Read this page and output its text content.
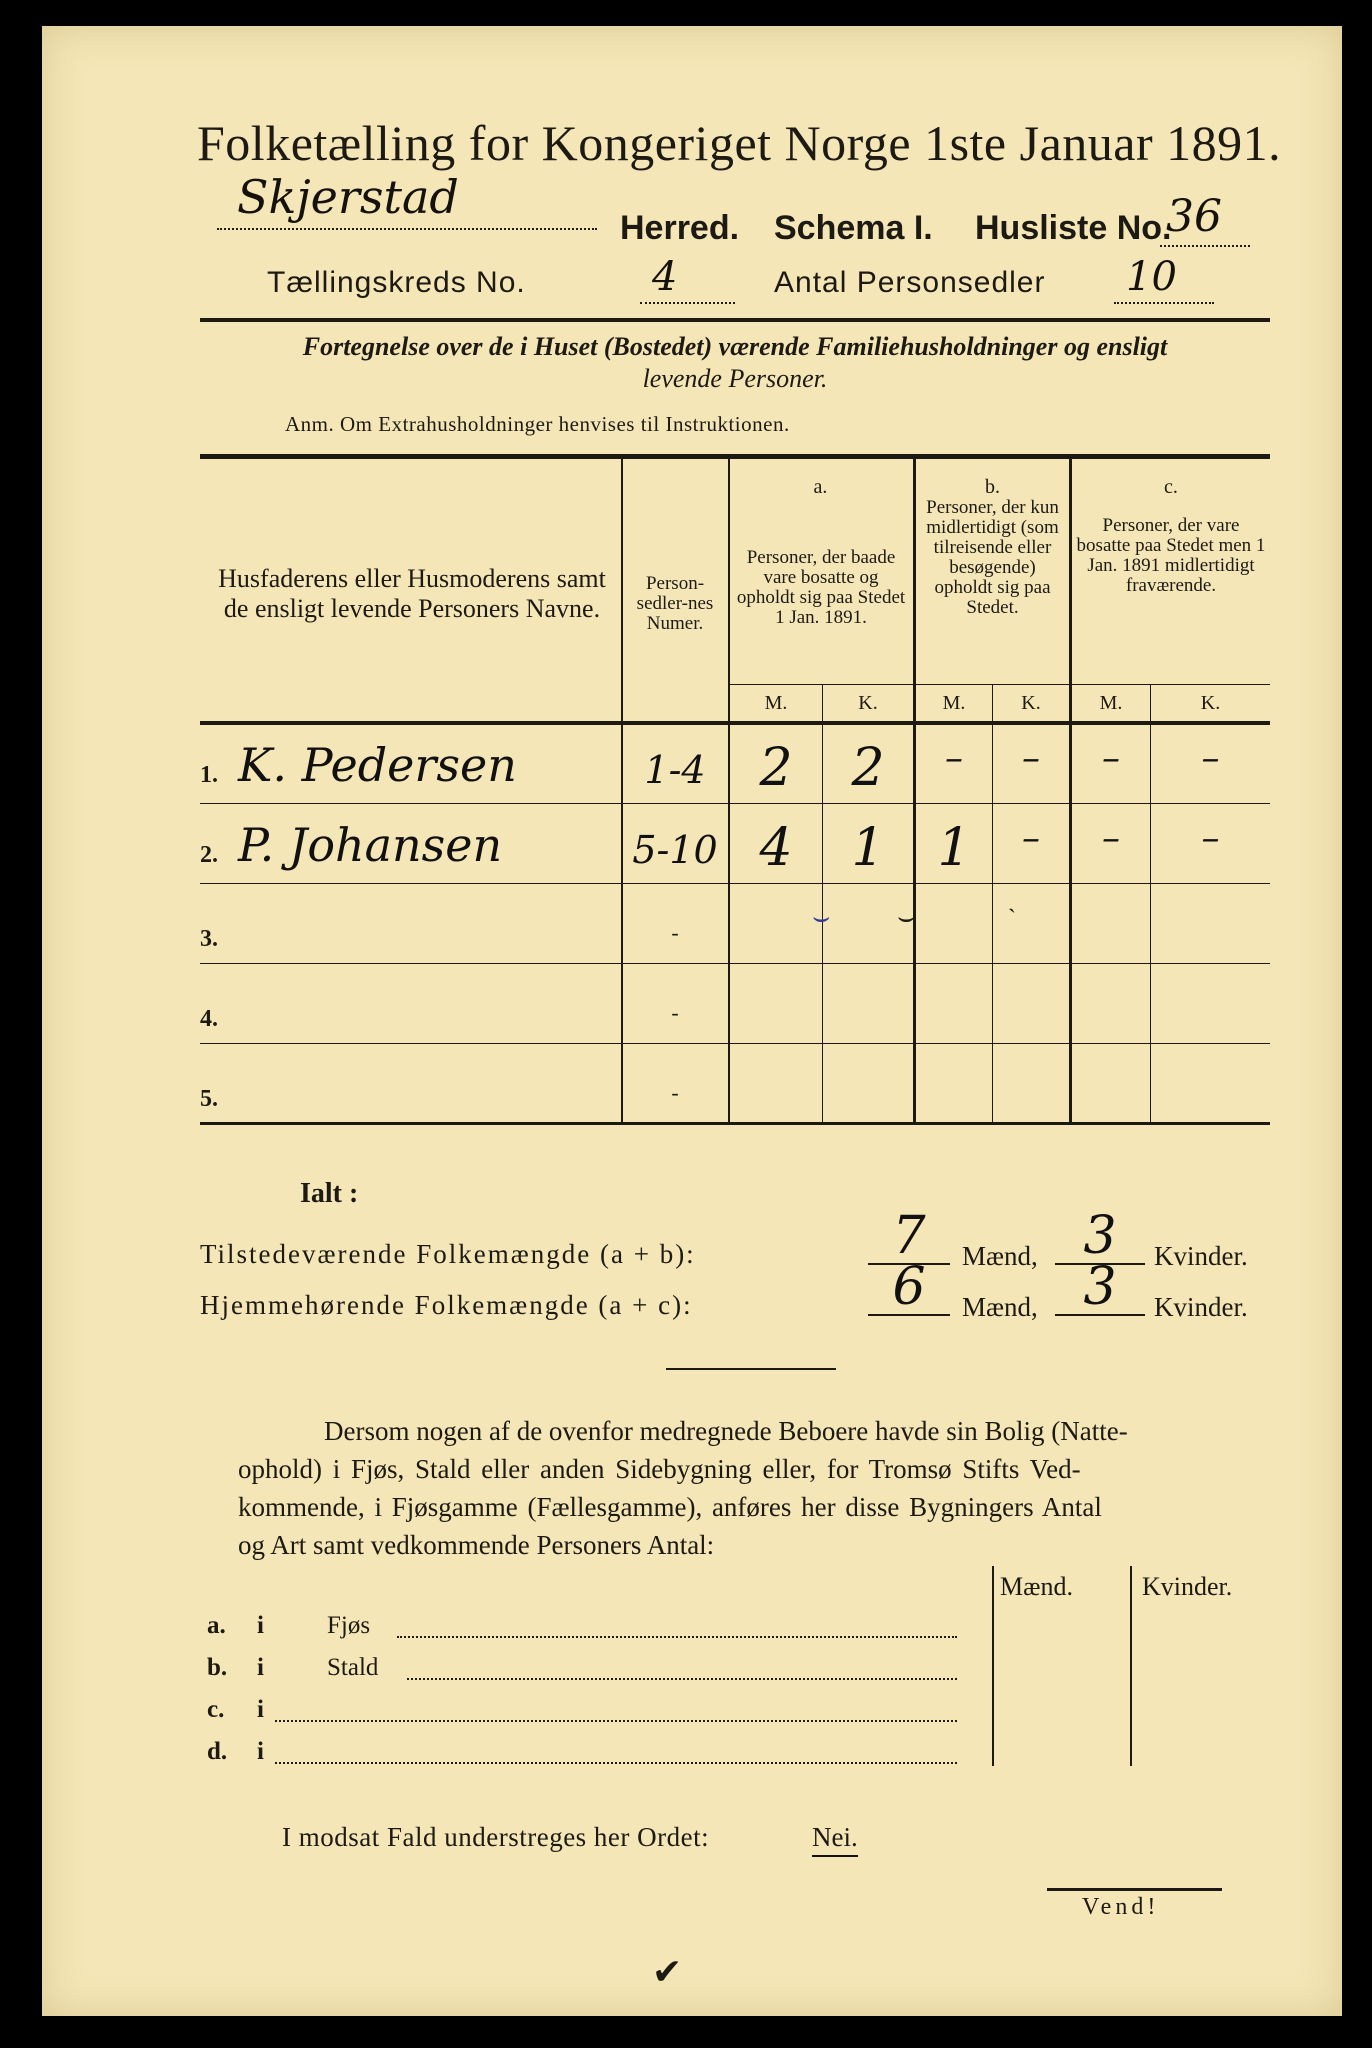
Folketælling for Kongeriget Norge 1ste Januar 1891.
Skjerstad
Herred. Schema I. Husliste No.
36
Tællingskreds No.	4	Antal Personsedler 10
Fortegnelse over de i Huset (Bostedet) værende Familiehusholdninger og ensligt
levende Personer.
Anm. Om Extrahusholdninger henvises til Instruktionen.
Husfaderens eller Husmoderens samt de ensligt levende Personers Navne.
Person-sedler-nes Numer.
a.
Personer, der baade vare bosatte og opholdt sig paa Stedet 1 Jan. 1891.
b.
Personer, der kun midlertidigt (som tilreisende eller besøgende) opholdt sig paa Stedet.
c.
Personer, der vare bosatte paa Stedet men 1 Jan. 1891 midlertidigt fraværende.
M.	K.	M.	K.	M.	K.
1. K. Pedersen	1-4	2	2	–	–	–	–
2. P. Johansen	5-10 4	1	1	–	–	–
⌣ ⌣	ˋ
3.	-
4.	-
5.	-
Ialt :
Tilstedeværende Folkemængde (a + b):	7	Mænd, 3	Kvinder.
Hjemmehørende Folkemængde (a + c):	6	Mænd, 3	Kvinder.
Dersom nogen af de ovenfor medregnede Beboere havde sin Bolig (Natte-
ophold) i Fjøs, Stald eller anden Sidebygning eller, for Tromsø Stifts Ved-
kommende, i Fjøsgamme (Fællesgamme), anføres her disse Bygningers Antal
og Art samt vedkommende Personers Antal:
Mænd.	Kvinder.
a. i	Fjøs
b. i	Stald
c. i
d. i
I modsat Fald understreges her Ordet:	Nei.
Vend!
✔
